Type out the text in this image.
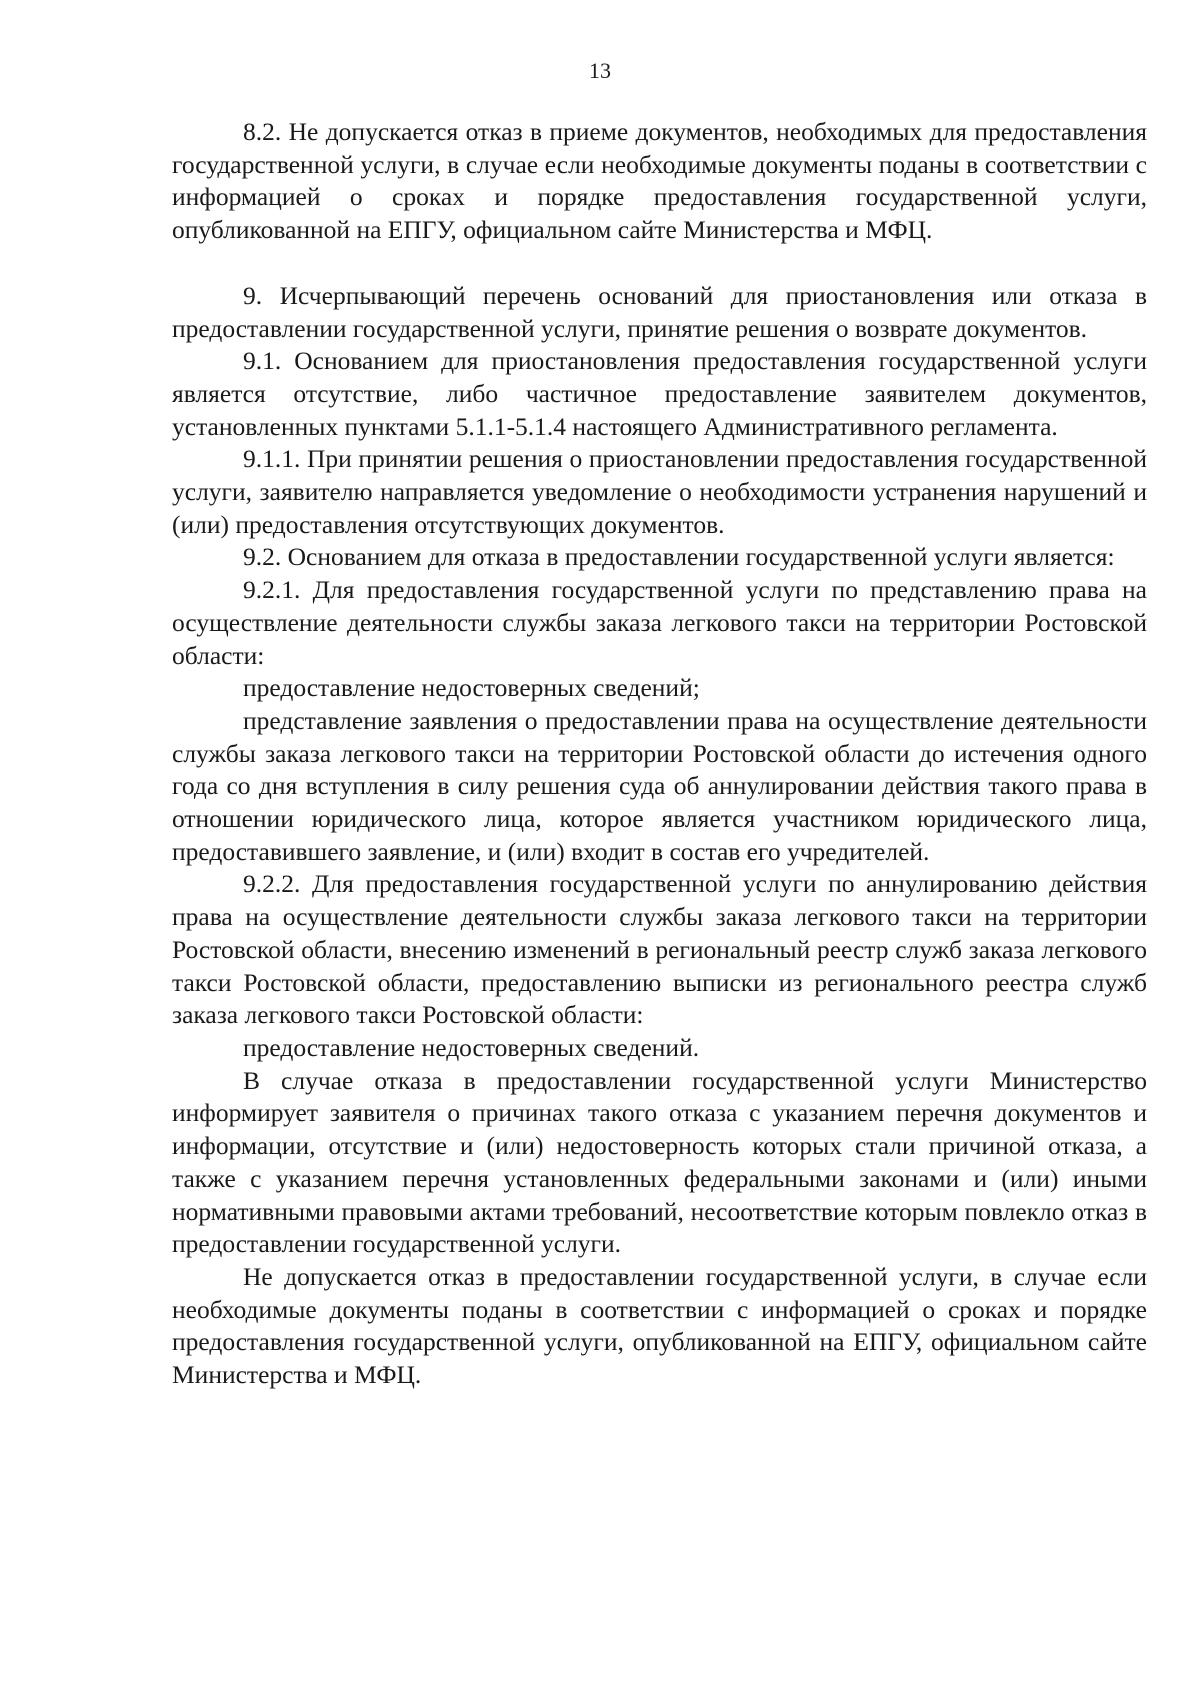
13

8.2. Не допускается отказ в приеме документов, необходимых для предоставления государственной услуги, в случае если необходимые документы поданы в соответствии с информацией о сроках и порядке предоставления государственной услуги, опубликованной на ЕПГУ, официальном сайте Министерства и МФЦ.

9. Исчерпывающий перечень оснований для приостановления или отказа в предоставлении государственной услуги, принятие решения о возврате документов.

9.1. Основанием для приостановления предоставления государственной услуги является отсутствие, либо частичное предоставление заявителем документов, установленных пунктами 5.1.1-5.1.4 настоящего Административного регламента.

9.1.1. При принятии решения о приостановлении предоставления государственной услуги, заявителю направляется уведомление о необходимости устранения нарушений и (или) предоставления отсутствующих документов.

9.2. Основанием для отказа в предоставлении государственной услуги является:

9.2.1. Для предоставления государственной услуги по представлению права на осуществление деятельности службы заказа легкового такси на территории Ростовской области:

предоставление недостоверных сведений;

представление заявления о предоставлении права на осуществление деятельности службы заказа легкового такси на территории Ростовской области до истечения одного года со дня вступления в силу решения суда об аннулировании действия такого права в отношении юридического лица, которое является участником юридического лица, предоставившего заявление, и (или) входит в состав его учредителей.

9.2.2. Для предоставления государственной услуги по аннулированию действия права на осуществление деятельности службы заказа легкового такси на территории Ростовской области, внесению изменений в региональный реестр служб заказа легкового такси Ростовской области, предоставлению выписки из регионального реестра служб заказа легкового такси Ростовской области:

предоставление недостоверных сведений.

В случае отказа в предоставлении государственной услуги Министерство информирует заявителя о причинах такого отказа с указанием перечня документов и информации, отсутствие и (или) недостоверность которых стали причиной отказа, а также с указанием перечня установленных федеральными законами и (или) иными нормативными правовыми актами требований, несоответствие которым повлекло отказ в предоставлении государственной услуги.

Не допускается отказ в предоставлении государственной услуги, в случае если необходимые документы поданы в соответствии с информацией о сроках и порядке предоставления государственной услуги, опубликованной на ЕПГУ, официальном сайте Министерства и МФЦ.
